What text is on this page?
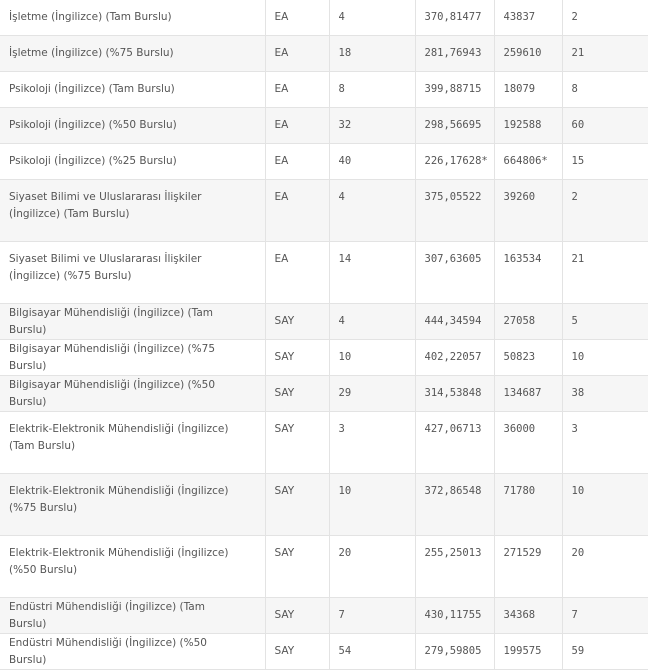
İşletme (İngilizce) (Tam Burslu)	EA	4	370,81477	43837	2
İşletme (İngilizce) (%75 Burslu)	EA	18	281,76943	259610	21
Psikoloji (İngilizce) (Tam Burslu)	EA	8	399,88715	18079	8
Psikoloji (İngilizce) (%50 Burslu)	EA	32	298,56695	192588	60
Psikoloji (İngilizce) (%25 Burslu)	EA	40	226,17628*	664806*	15
Siyaset Bilimi ve Uluslararası İlişkiler (İngilizce) (Tam Burslu)	EA	4	375,05522	39260	2
Siyaset Bilimi ve Uluslararası İlişkiler (İngilizce) (%75 Burslu)	EA	14	307,63605	163534	21
Bilgisayar Mühendisliği (İngilizce) (Tam Burslu)	SAY	4	444,34594	27058	5
Bilgisayar Mühendisliği (İngilizce) (%75 Burslu)	SAY	10	402,22057	50823	10
Bilgisayar Mühendisliği (İngilizce) (%50 Burslu)	SAY	29	314,53848	134687	38
Elektrik-Elektronik Mühendisliği (İngilizce) (Tam Burslu)	SAY	3	427,06713	36000	3
Elektrik-Elektronik Mühendisliği (İngilizce) (%75 Burslu)	SAY	10	372,86548	71780	10
Elektrik-Elektronik Mühendisliği (İngilizce) (%50 Burslu)	SAY	20	255,25013	271529	20
Endüstri Mühendisliği (İngilizce) (Tam Burslu)	SAY	7	430,11755	34368	7
Endüstri Mühendisliği (İngilizce) (%50 Burslu)	SAY	54	279,59805	199575	59
